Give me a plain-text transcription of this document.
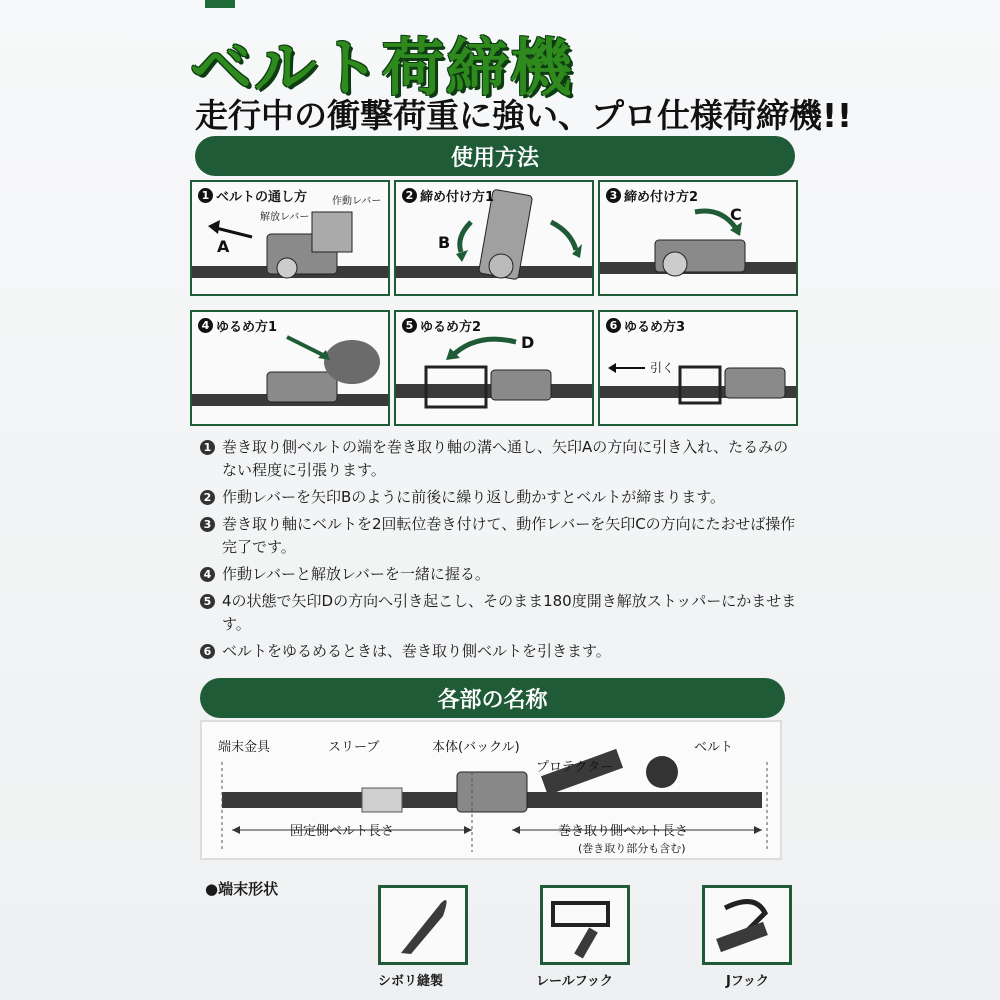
ベルト荷締機
走行中の衝撃荷重に強い、プロ仕様荷締機!!
使用方法
1 ベルトの通し方
A
作動レバー
解放レバー
2 締め付け方1
B
3 締め付け方2
C
4 ゆるめ方1	5 ゆるめ方2
D
6 ゆるめ方3
引く
1 巻き取り側ベルトの端を巻き取り軸の溝へ通し、矢印Aの方向に引き入れ、たるみのない程度に引張ります。
2 作動レバーを矢印Bのように前後に繰り返し動かすとベルトが締まります。
3 巻き取り軸にベルトを2回転位巻き付けて、動作レバーを矢印Cの方向にたおせば操作完了です。
4 作動レバーと解放レバーを一緒に握る。
5 4の状態で矢印Dの方向へ引き起こし、そのまま180度開き解放ストッパーにかませます。
6 ベルトをゆるめるときは、巻き取り側ベルトを引きます。
各部の名称
端末金具	スリーブ	本体(バックル)
プロテクター
ベルト
固定側ベルト長さ	巻き取り側ベルト長さ
(巻き取り部分も含む)
●端末形状
シボリ縫製	レールフック	Jフック
